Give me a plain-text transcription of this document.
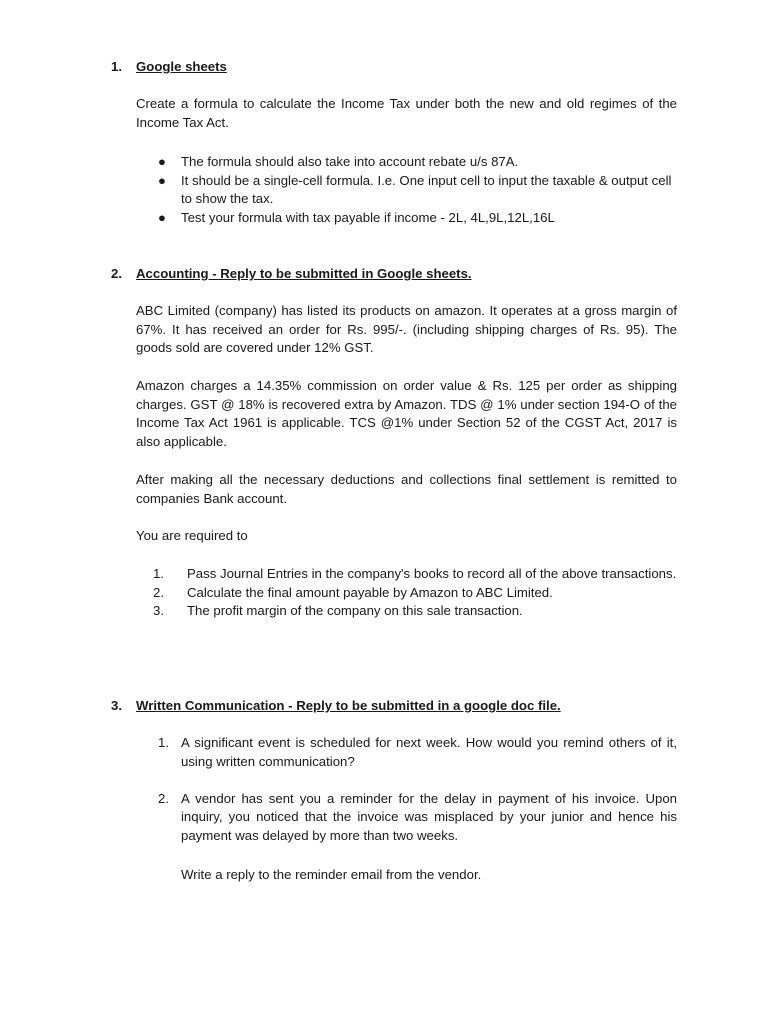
1. Google sheets

Create a formula to calculate the Income Tax under both the new and old regimes of the Income Tax Act.

● The formula should also take into account rebate u/s 87A.
● It should be a single-cell formula. I.e. One input cell to input the taxable & output cell to show the tax.
● Test your formula with tax payable if income - 2L, 4L,9L,12L,16L
2. Accounting - Reply to be submitted in Google sheets.

ABC Limited (company) has listed its products on amazon. It operates at a gross margin of 67%. It has received an order for Rs. 995/-. (including shipping charges of Rs. 95). The goods sold are covered under 12% GST.

Amazon charges a 14.35% commission on order value & Rs. 125 per order as shipping charges. GST @ 18% is recovered extra by Amazon. TDS @ 1% under section 194-O of the Income Tax Act 1961 is applicable. TCS @1% under Section 52 of the CGST Act, 2017 is also applicable.

After making all the necessary deductions and collections final settlement is remitted to companies Bank account.

You are required to

1. Pass Journal Entries in the company's books to record all of the above transactions.
2. Calculate the final amount payable by Amazon to ABC Limited.
3. The profit margin of the company on this sale transaction.
3. Written Communication - Reply to be submitted in a google doc file.
1. A significant event is scheduled for next week. How would you remind others of it, using written communication?
2. A vendor has sent you a reminder for the delay in payment of his invoice. Upon inquiry, you noticed that the invoice was misplaced by your junior and hence his payment was delayed by more than two weeks.

Write a reply to the reminder email from the vendor.
